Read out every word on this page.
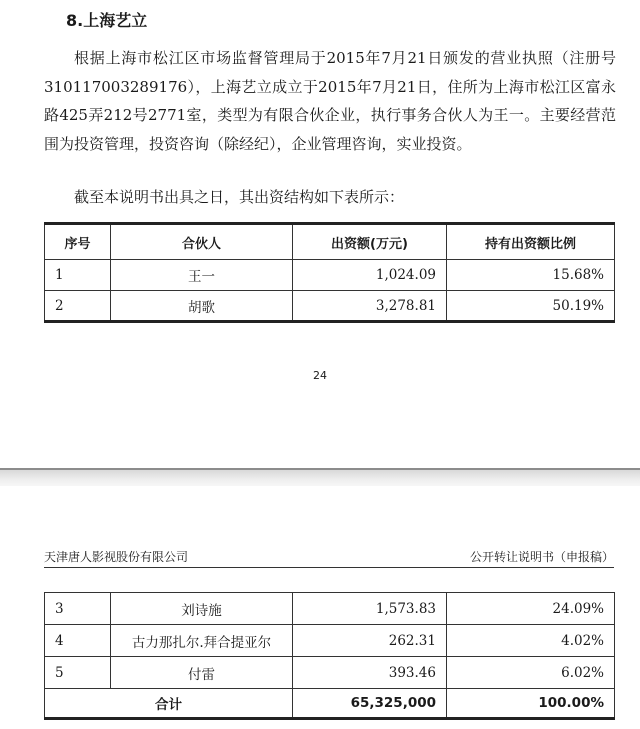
8.上海艺立
根据上海市松江区市场监督管理局于2015年7月21日颁发的营业执照（注册号310117003289176），上海艺立成立于2015年7月21日，住所为上海市松江区富永路425弄212号2771室，类型为有限合伙企业，执行事务合伙人为王一。主要经营范围为投资管理，投资咨询（除经纪），企业管理咨询，实业投资。
截至本说明书出具之日，其出资结构如下表所示：
序号	合伙人	出资额(万元)	持有出资额比例
1	王一	1,024.09	15.68%
2	胡歌	3,278.81	50.19%
24
天津唐人影视股份有限公司	公开转让说明书（申报稿）
3	刘诗施	1,573.83	24.09%
4	古力那扎尔.拜合提亚尔	262.31	4.02%
5	付雷	393.46	6.02%
合计		65,325,000	100.00%
